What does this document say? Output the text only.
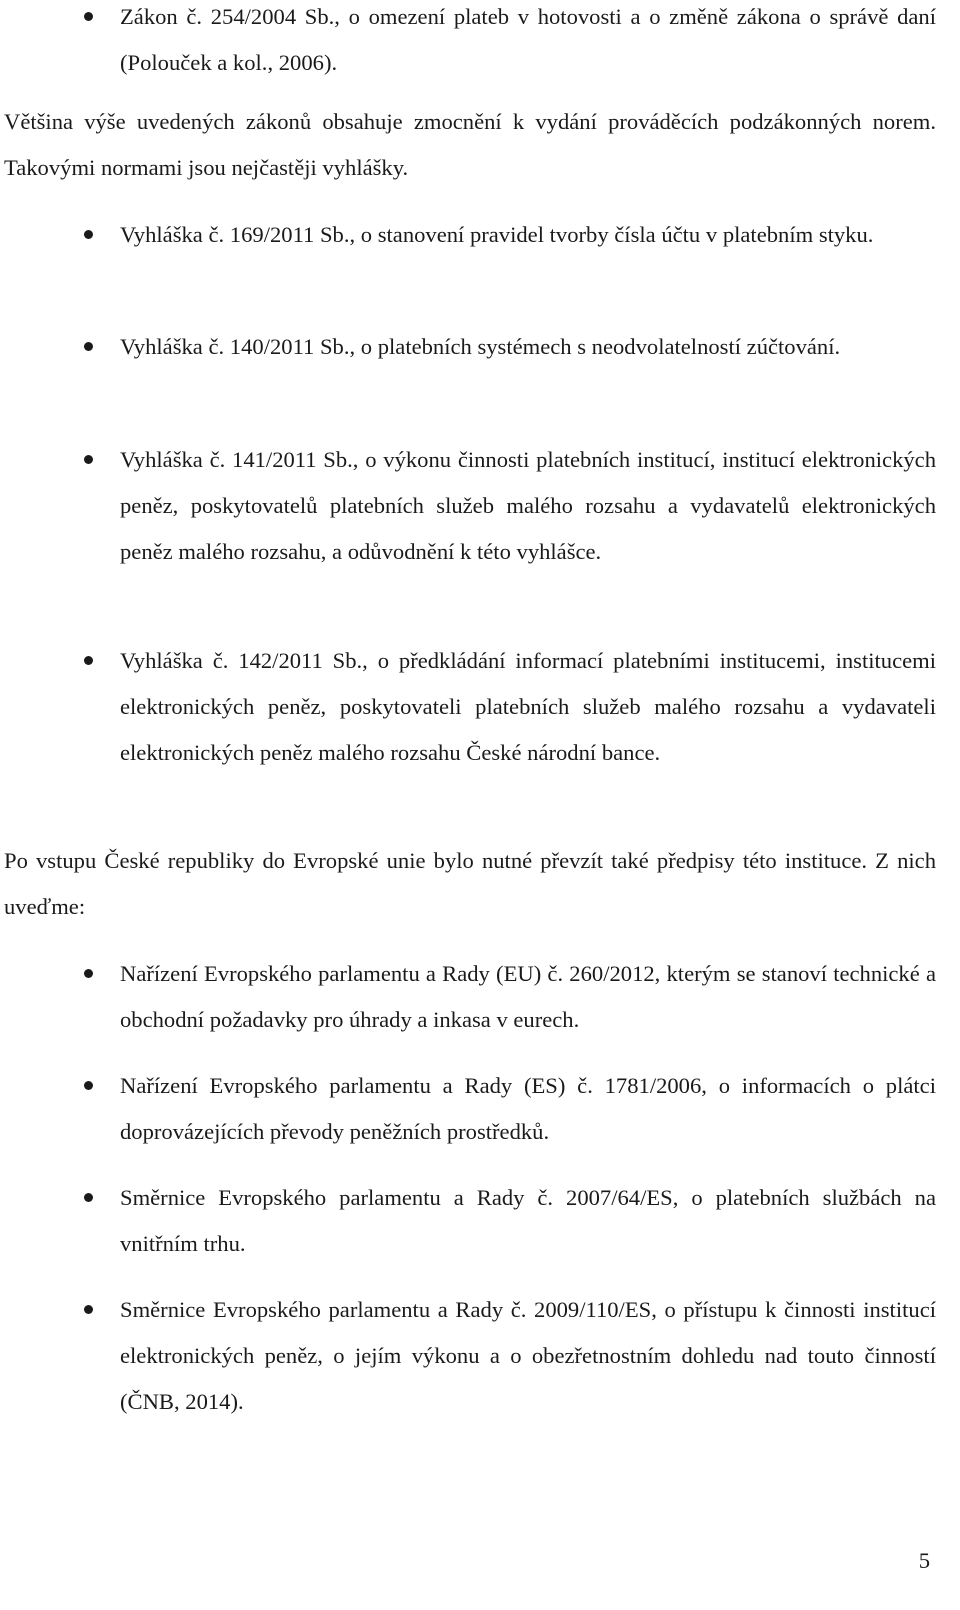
Zákon č. 254/2004 Sb., o omezení plateb v hotovosti a o změně zákona o správě daní (Polouček a kol., 2006).

Většina výše uvedených zákonů obsahuje zmocnění k vydání prováděcích podzákonných norem. Takovými normami jsou nejčastěji vyhlášky.

Vyhláška č. 169/2011 Sb., o stanovení pravidel tvorby čísla účtu v platebním styku.
Vyhláška č. 140/2011 Sb., o platebních systémech s neodvolatelností zúčtování.
Vyhláška č. 141/2011 Sb., o výkonu činnosti platebních institucí, institucí elektronických peněz, poskytovatelů platebních služeb malého rozsahu a vydavatelů elektronických peněz malého rozsahu, a odůvodnění k této vyhlášce.
Vyhláška č. 142/2011 Sb., o předkládání informací platebními institucemi, institucemi elektronických peněz, poskytovateli platebních služeb malého rozsahu a vydavateli elektronických peněz malého rozsahu České národní bance.

Po vstupu České republiky do Evropské unie bylo nutné převzít také předpisy této instituce. Z nich uveďme:

Nařízení Evropského parlamentu a Rady (EU) č. 260/2012, kterým se stanoví technické a obchodní požadavky pro úhrady a inkasa v eurech.
Nařízení Evropského parlamentu a Rady (ES) č. 1781/2006, o informacích o plátci doprovázejících převody peněžních prostředků.
Směrnice Evropského parlamentu a Rady č. 2007/64/ES, o platebních službách na vnitřním trhu.
Směrnice Evropského parlamentu a Rady č. 2009/110/ES, o přístupu k činnosti institucí elektronických peněz, o jejím výkonu a o obezřetnostním dohledu nad touto činností (ČNB, 2014).
5
